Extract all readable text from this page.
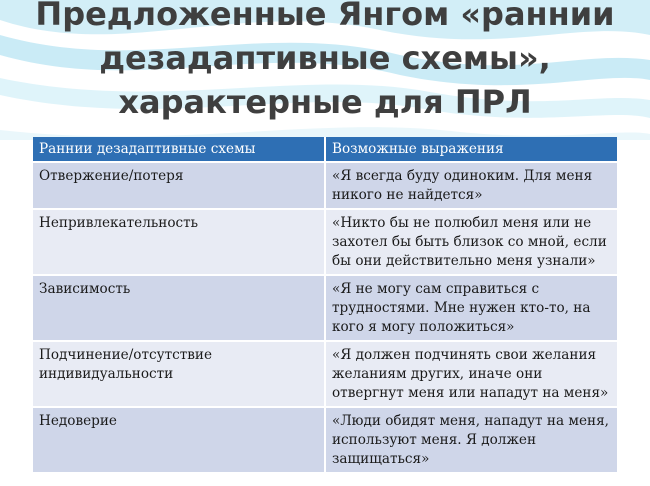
Предложенные Янгом «раннии
дезадаптивные схемы»,
характерные для ПРЛ
Раннии дезадаптивные схемы	Возможные выражения
Отвержение/потеря	«Я всегда буду одиноким. Для меня никого не найдется»
Непривлекательность	«Никто бы не полюбил меня или не захотел бы быть близок со мной, если бы они действительно меня узнали»
Зависимость	«Я не могу сам справиться с трудностями. Мне нужен кто-то, на кого я могу положиться»
Подчинение/отсутствие индивидуальности	«Я должен подчинять свои желания желаниям других, иначе они отвергнут меня или нападут на меня»
Недоверие	«Люди обидят меня, нападут на меня, используют меня. Я должен защищаться»
